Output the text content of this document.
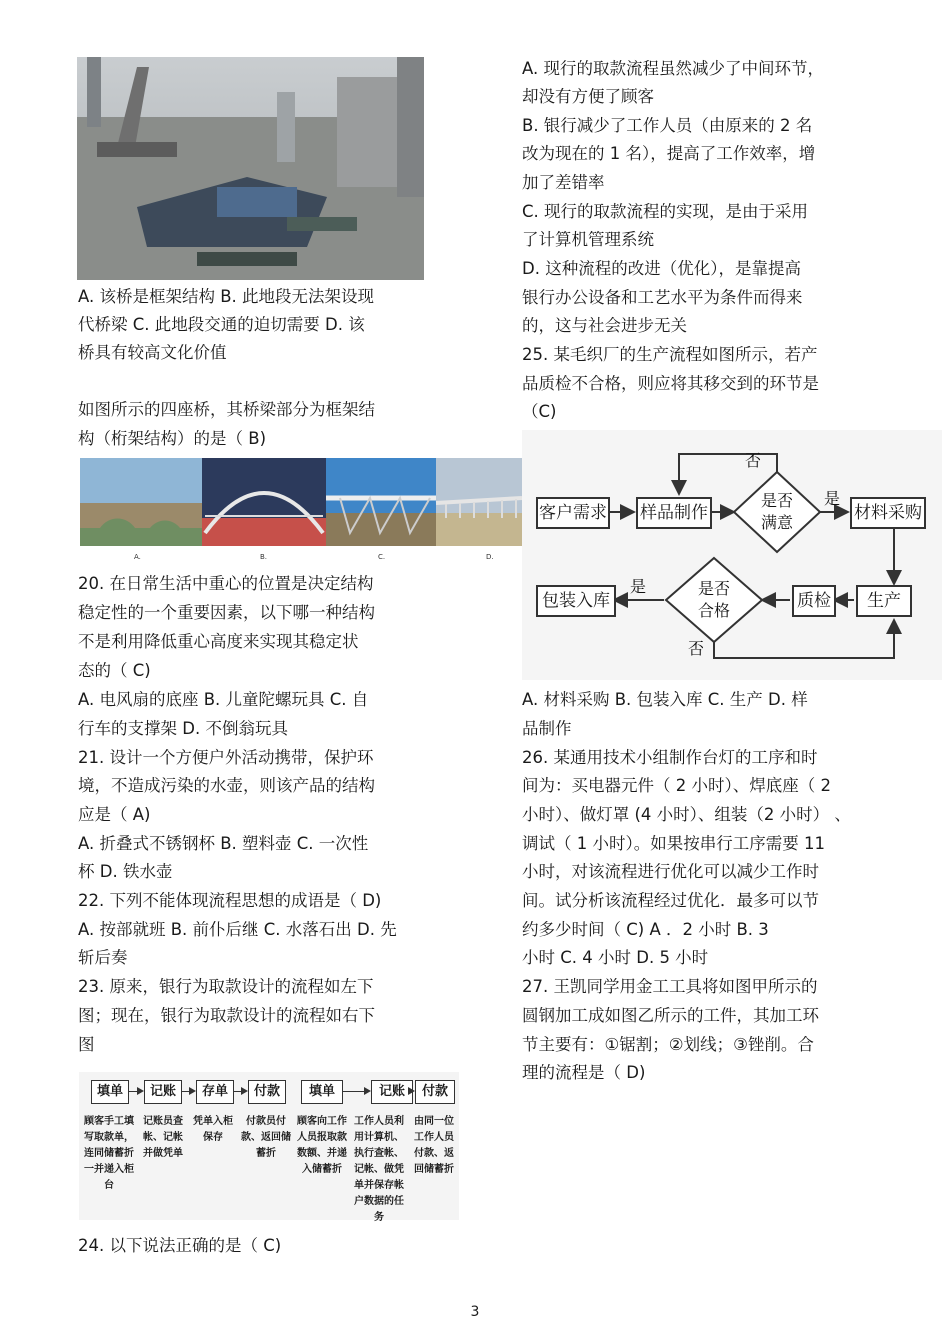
A. 该桥是框架结构 B. 此地段无法架设现
代桥梁 C. 此地段交通的迫切需要 D. 该
桥具有较高文化价值
如图所示的四座桥，其桥梁部分为框架结
构（桁架结构）的是（ B)
A.	B.	C.	D.
20. 在日常生活中重心的位置是决定结构
稳定性的一个重要因素，以下哪一种结构
不是利用降低重心高度来实现其稳定状
态的（ C)
A. 电风扇的底座 B. 儿童陀螺玩具 C. 自
行车的支撑架 D. 不倒翁玩具
21. 设计一个方便户外活动携带，保护环
境，不造成污染的水壶，则该产品的结构
应是（ A)
A. 折叠式不锈钢杯 B. 塑料壶 C. 一次性
杯 D. 铁水壶
22. 下列不能体现流程思想的成语是（ D)
A. 按部就班 B. 前仆后继 C. 水落石出 D. 先
斩后奏
23. 原来，银行为取款设计的流程如左下
图；现在，银行为取款设计的流程如右下
图
填单	记账	存单	付款
顾客手工填写取款单，连同储蓄折一并递入柜台
记账员查帐、记帐并做凭单
凭单入柜保存
付款员付款、返回储蓄折
填单	记账	付款
顾客向工作人员报取款数额、并递入储蓄折
工作人员利用计算机、执行查帐、记帐、做凭单并保存帐户数据的任务
由同一位工作人员付款、返回储蓄折
24. 以下说法正确的是（ C)
A. 现行的取款流程虽然减少了中间环节，
却没有方便了顾客
B. 银行减少了工作人员（由原来的 2 名
改为现在的 1 名），提高了工作效率，增
加了差错率
C. 现行的取款流程的实现，是由于采用
了计算机管理系统
D. 这种流程的改进（优化），是靠提高
银行办公设备和工艺水平为条件而得来
的，这与社会进步无关
25. 某毛织厂的生产流程如图所示，若产
品质检不合格，则应将其移交到的环节是
（C)
否
是
是
否
是否
满意
是否
合格
客户需求 样品制作	材料采购
生产
质检
包装入库
A. 材料采购 B. 包装入库 C. 生产 D. 样
品制作
26. 某通用技术小组制作台灯的工序和时
间为：买电器元件（ 2 小时）、焊底座（ 2
小时）、做灯罩 (4 小时）、组装（2 小时） 、
调试（ 1 小时）。如果按串行工序需要 11
小时，对该流程进行优化可以减少工作时
间。试分析该流程经过优化．最多可以节
约多少时间（ C) A ．2 小时 B. 3
小时 C. 4 小时 D. 5 小时
27. 王凯同学用金工工具将如图甲所示的
圆钢加工成如图乙所示的工件，其加工环
节主要有：①锯割；②划线；③锉削。合
理的流程是（ D)
3
